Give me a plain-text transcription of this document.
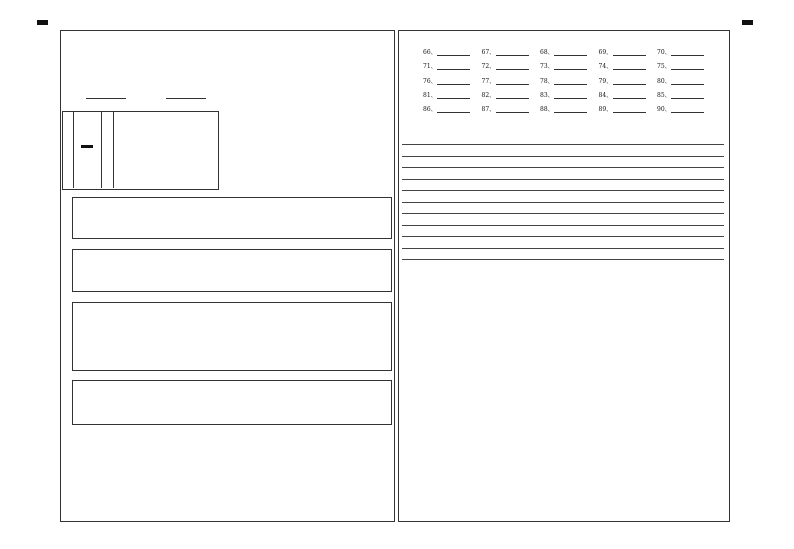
66、	67、	68、	69、	70、
71、	72、	73、	74、	75、
76、	77、	78、	79、	80、
81、	82、	83、	84、	85、
86、	87、	88、	89、	90、
